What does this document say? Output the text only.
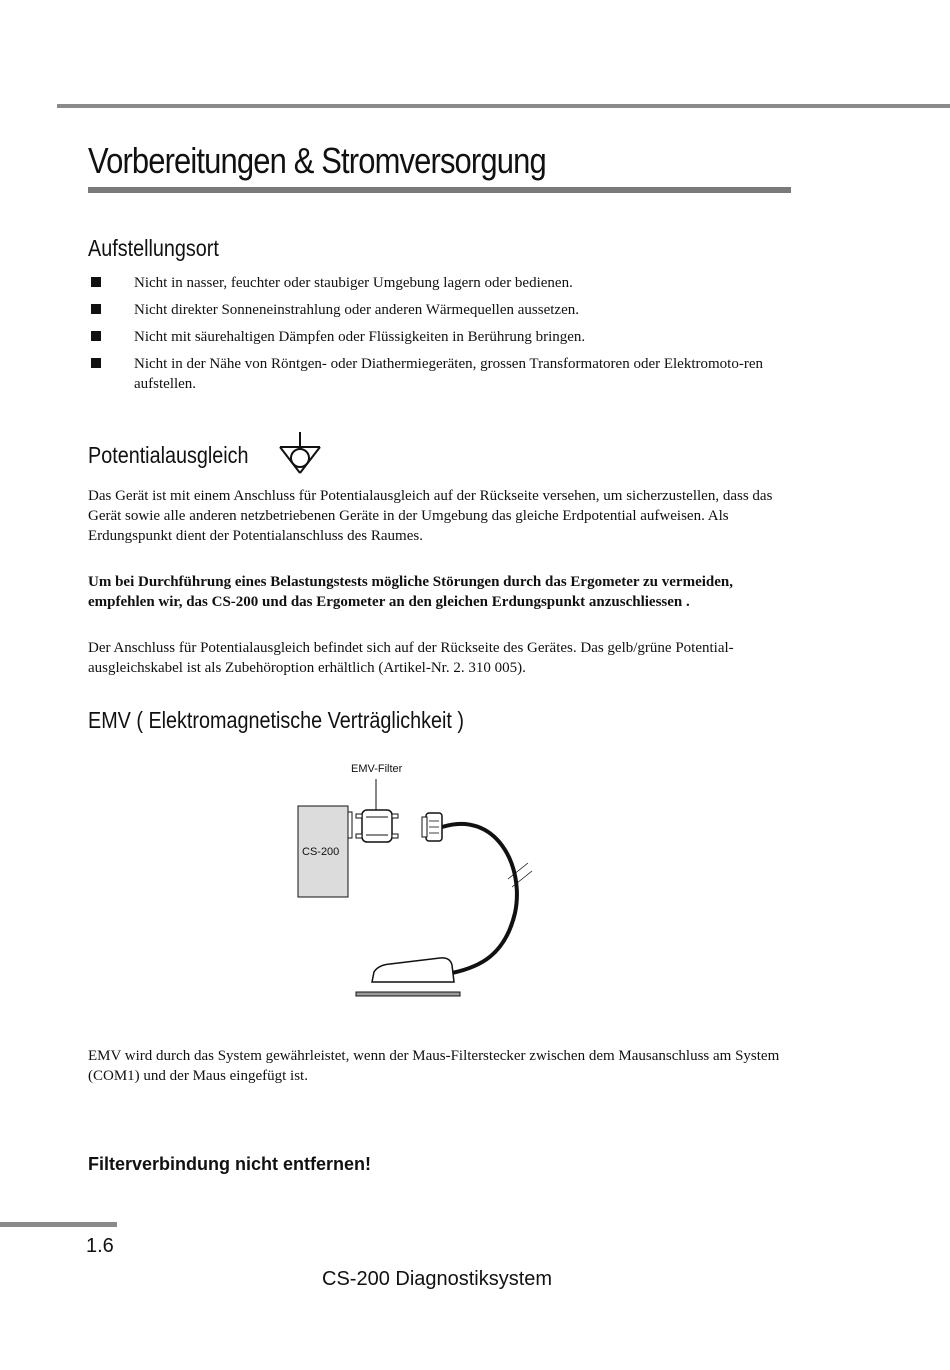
Vorbereitungen & Stromversorgung
Aufstellungsort
Nicht in nasser, feuchter oder staubiger Umgebung lagern oder bedienen.
Nicht direkter Sonneneinstrahlung oder anderen Wärmequellen aussetzen.
Nicht mit säurehaltigen Dämpfen oder Flüssigkeiten in Berührung bringen.
Nicht in der Nähe von Röntgen- oder Diathermiegeräten, grossen Transformatoren oder Elektromoto-ren aufstellen.
Potentialausgleich

Das Gerät ist mit einem Anschluss für Potentialausgleich auf der Rückseite versehen, um sicherzustellen, dass das Gerät sowie alle anderen netzbetriebenen Geräte in der Umgebung das gleiche Erdpotential aufweisen. Als Erdungspunkt dient der Potentialanschluss des Raumes.

Um bei Durchführung eines Belastungstests mögliche Störungen durch das Ergometer zu vermeiden, empfehlen wir, das CS-200 und das Ergometer an den gleichen Erdungspunkt anzuschliessen .

Der Anschluss für Potentialausgleich befindet sich auf der Rückseite des Gerätes. Das gelb/grüne Potential-ausgleichskabel ist als Zubehöroption erhältlich (Artikel-Nr. 2. 310 005).

EMV ( Elektromagnetische Verträglichkeit )
EMV-Filter
CS-200

EMV wird durch das System gewährleistet, wenn der Maus-Filterstecker zwischen dem Mausanschluss am System (COM1) und der Maus eingefügt ist.

Filterverbindung nicht entfernen!

1.6
CS-200 Diagnostiksystem
